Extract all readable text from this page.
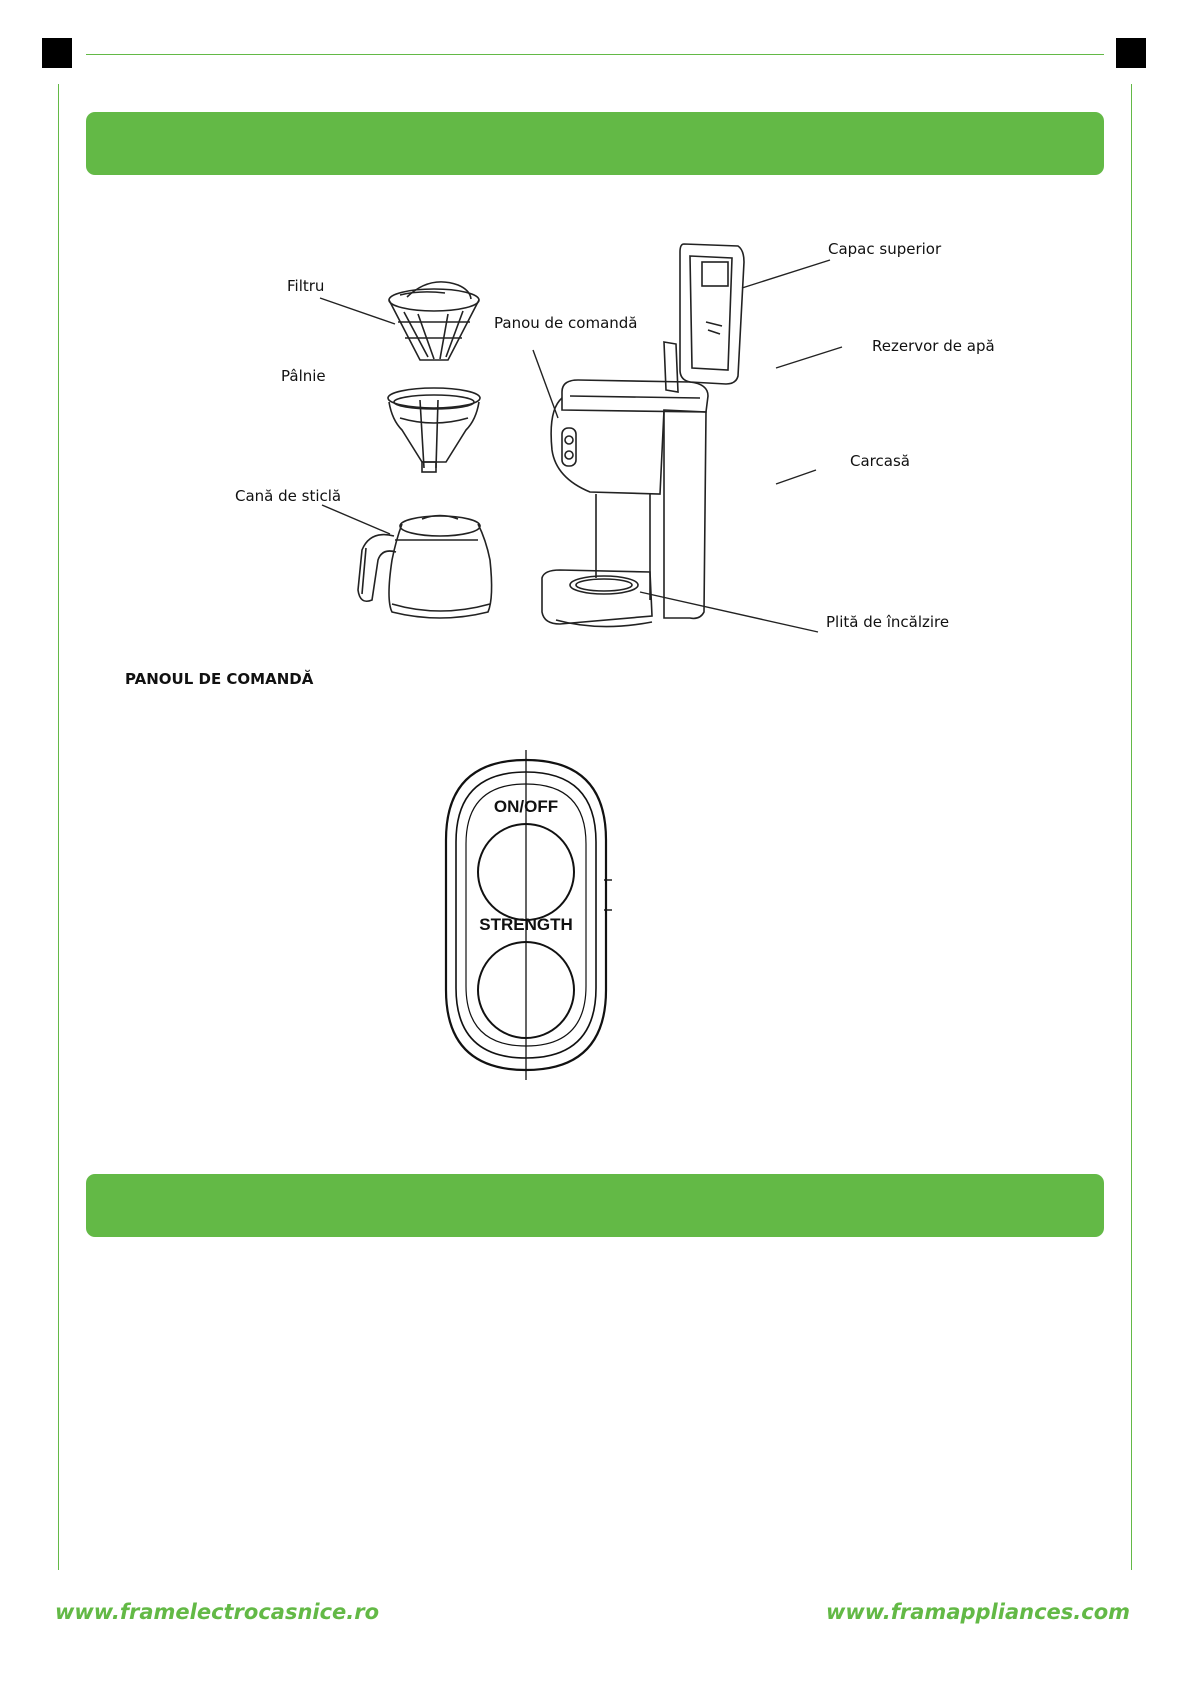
Filtru
Pâlnie
Cană de sticlă
Panou de comandă
Capac superior
Rezervor de apă
Carcasă
Plită de încălzire
PANOUL DE COMANDĂ
ON/OFF
STRENGTH
www.framelectrocasnice.ro	www.framappliances.com
